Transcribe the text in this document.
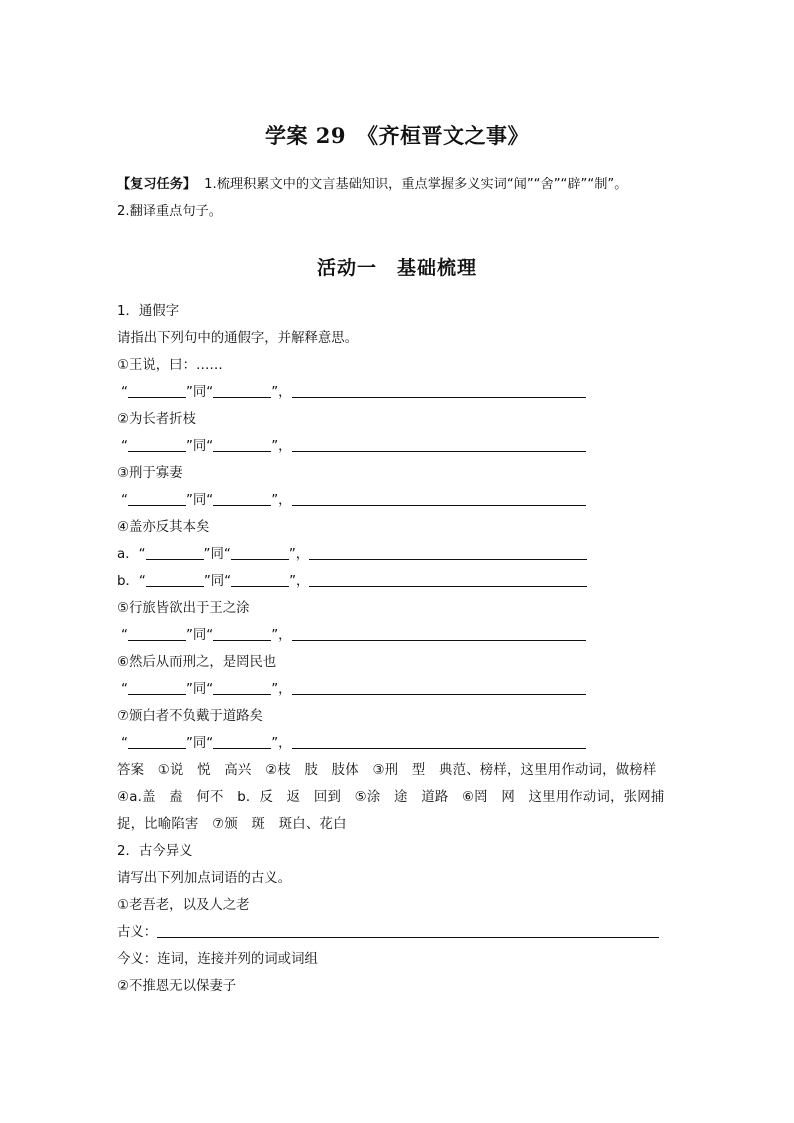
学案 29　《齐桓晋文之事》
【复习任务】 1.梳理积累文中的文言基础知识，重点掌握多义实词“闻”“舍”“辟”“制”。
2.翻译重点句子。
活动一　基础梳理
1．通假字
请指出下列句中的通假字，并解释意思。
①王说，曰：……
“	”同“	”，
②为长者折枝
“	”同“	”，
③刑于寡妻
“	”同“	”，
④盖亦反其本矣
a．“	”同“	”，
b．“	”同“	”，
⑤行旅皆欲出于王之涂
“	”同“	”，
⑥然后从而刑之，是罔民也
“	”同“	”，
⑦颁白者不负戴于道路矣
“	”同“	”，
答案　①说　悦　高兴　②枝　肢　肢体　③刑　型　典范、榜样，这里用作动词，做榜样
④a.盖　盍　何不　b．反　返　回到　⑤涂　途　道路　⑥罔　网　这里用作动词，张网捕
捉，比喻陷害　⑦颁　斑　斑白、花白
2．古今异义
请写出下列加点词语的古义。
①老吾老，以及人之老
古义：
今义：连词，连接并列的词或词组
②不推恩无以保妻子
